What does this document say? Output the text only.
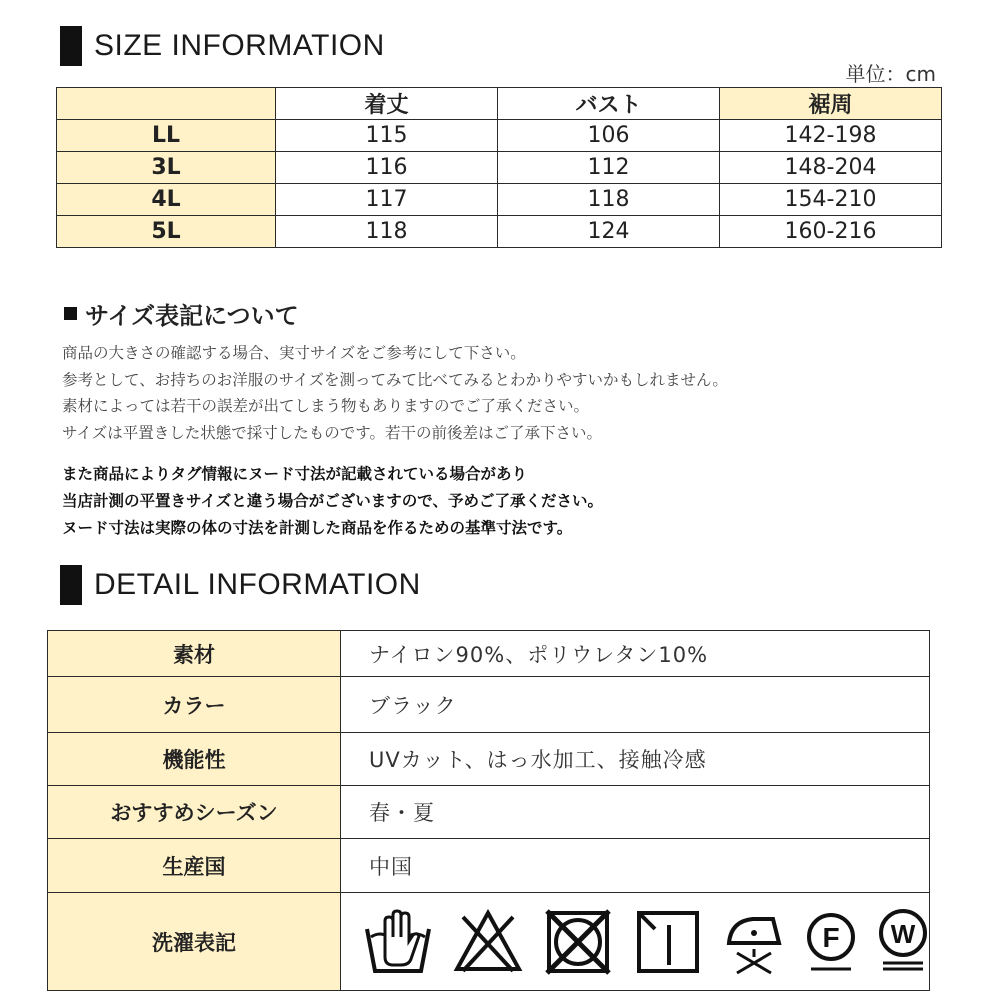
SIZE INFORMATION
単位：cm
	着丈	バスト	裾周
LL	115	106	142-198
3L	116	112	148-204
4L	117	118	154-210
5L	118	124	160-216
サイズ表記について
商品の大きさの確認する場合、実寸サイズをご参考にして下さい。
参考として、お持ちのお洋服のサイズを測ってみて比べてみるとわかりやすいかもしれません。
素材によっては若干の誤差が出てしまう物もありますのでご了承ください。
サイズは平置きした状態で採寸したものです。若干の前後差はご了承下さい。
また商品によりタグ情報にヌード寸法が記載されている場合があり
当店計測の平置きサイズと違う場合がございますので、予めご了承ください。
ヌード寸法は実際の体の寸法を計測した商品を作るための基準寸法です。
DETAIL INFORMATION
素材	ナイロン90%、ポリウレタン10%
カラー	ブラック
機能性	UVカット、はっ水加工、接触冷感
おすすめシーズン	春・夏
生産国	中国
洗濯表記	F W
